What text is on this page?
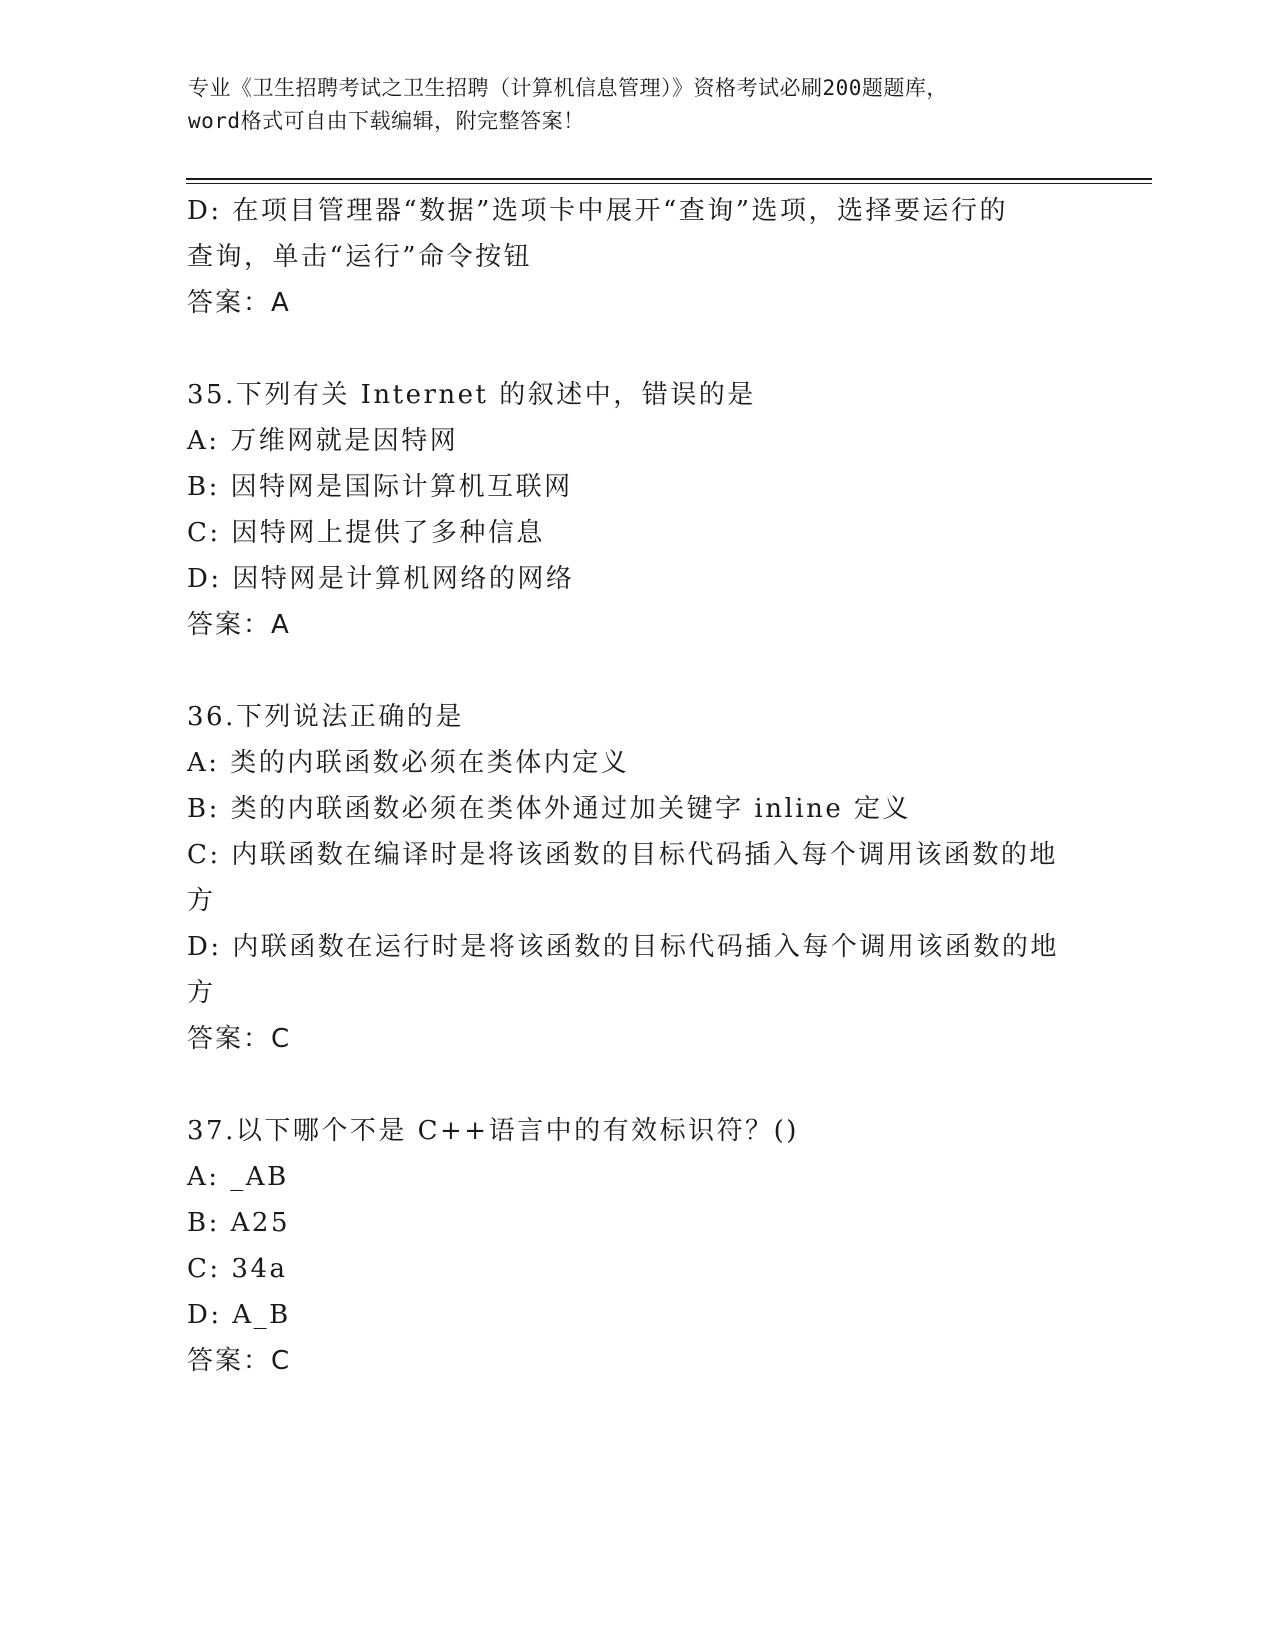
专业《卫生招聘考试之卫生招聘（计算机信息管理）》资格考试必刷200题题库，
word格式可自由下载编辑，附完整答案！
D: 在项目管理器“数据”选项卡中展开“查询”选项，选择要运行的
查询，单击“运行”命令按钮
答案：A
35.下列有关 Internet 的叙述中，错误的是
A: 万维网就是因特网
B: 因特网是国际计算机互联网
C: 因特网上提供了多种信息
D: 因特网是计算机网络的网络
答案：A
36.下列说法正确的是
A: 类的内联函数必须在类体内定义
B: 类的内联函数必须在类体外通过加关键字 inline 定义
C: 内联函数在编译时是将该函数的目标代码插入每个调用该函数的地
方
D: 内联函数在运行时是将该函数的目标代码插入每个调用该函数的地
方
答案：C
37.以下哪个不是 C++语言中的有效标识符？()
A: _AB
B: A25
C: 34a
D: A_B
答案：C
